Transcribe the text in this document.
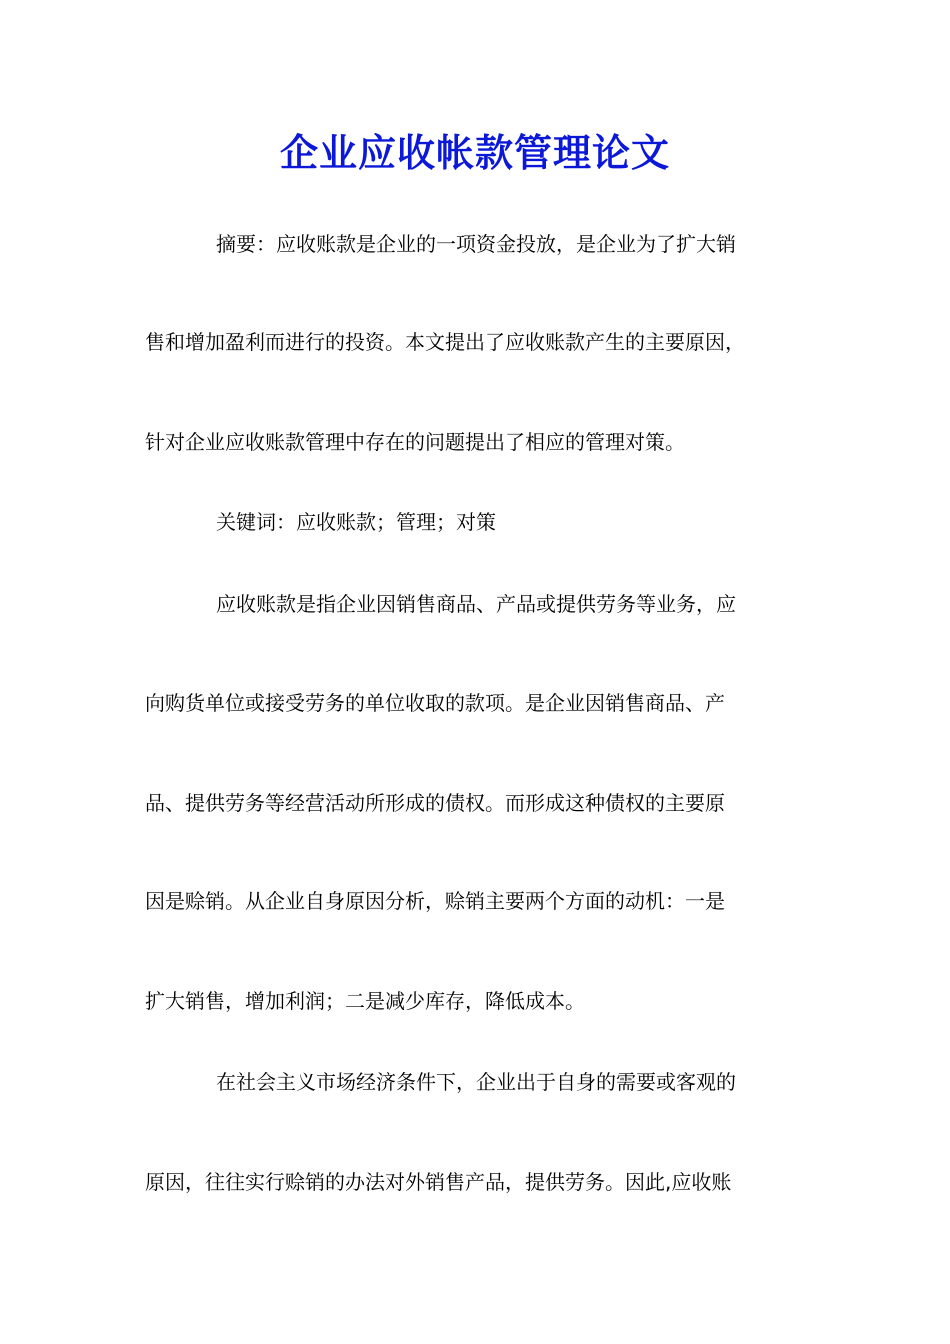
企业应收帐款管理论文
摘要：应收账款是企业的一项资金投放，是企业为了扩大销
售和增加盈利而进行的投资。本文提出了应收账款产生的主要原因，
针对企业应收账款管理中存在的问题提出了相应的管理对策。
关键词：应收账款；管理；对策
应收账款是指企业因销售商品、产品或提供劳务等业务，应
向购货单位或接受劳务的单位收取的款项。是企业因销售商品、产
品、提供劳务等经营活动所形成的债权。而形成这种债权的主要原
因是赊销。从企业自身原因分析，赊销主要两个方面的动机：一是
扩大销售，增加利润；二是减少库存，降低成本。
在社会主义市场经济条件下，企业出于自身的需要或客观的
原因，往往实行赊销的办法对外销售产品，提供劳务。因此,应收账
